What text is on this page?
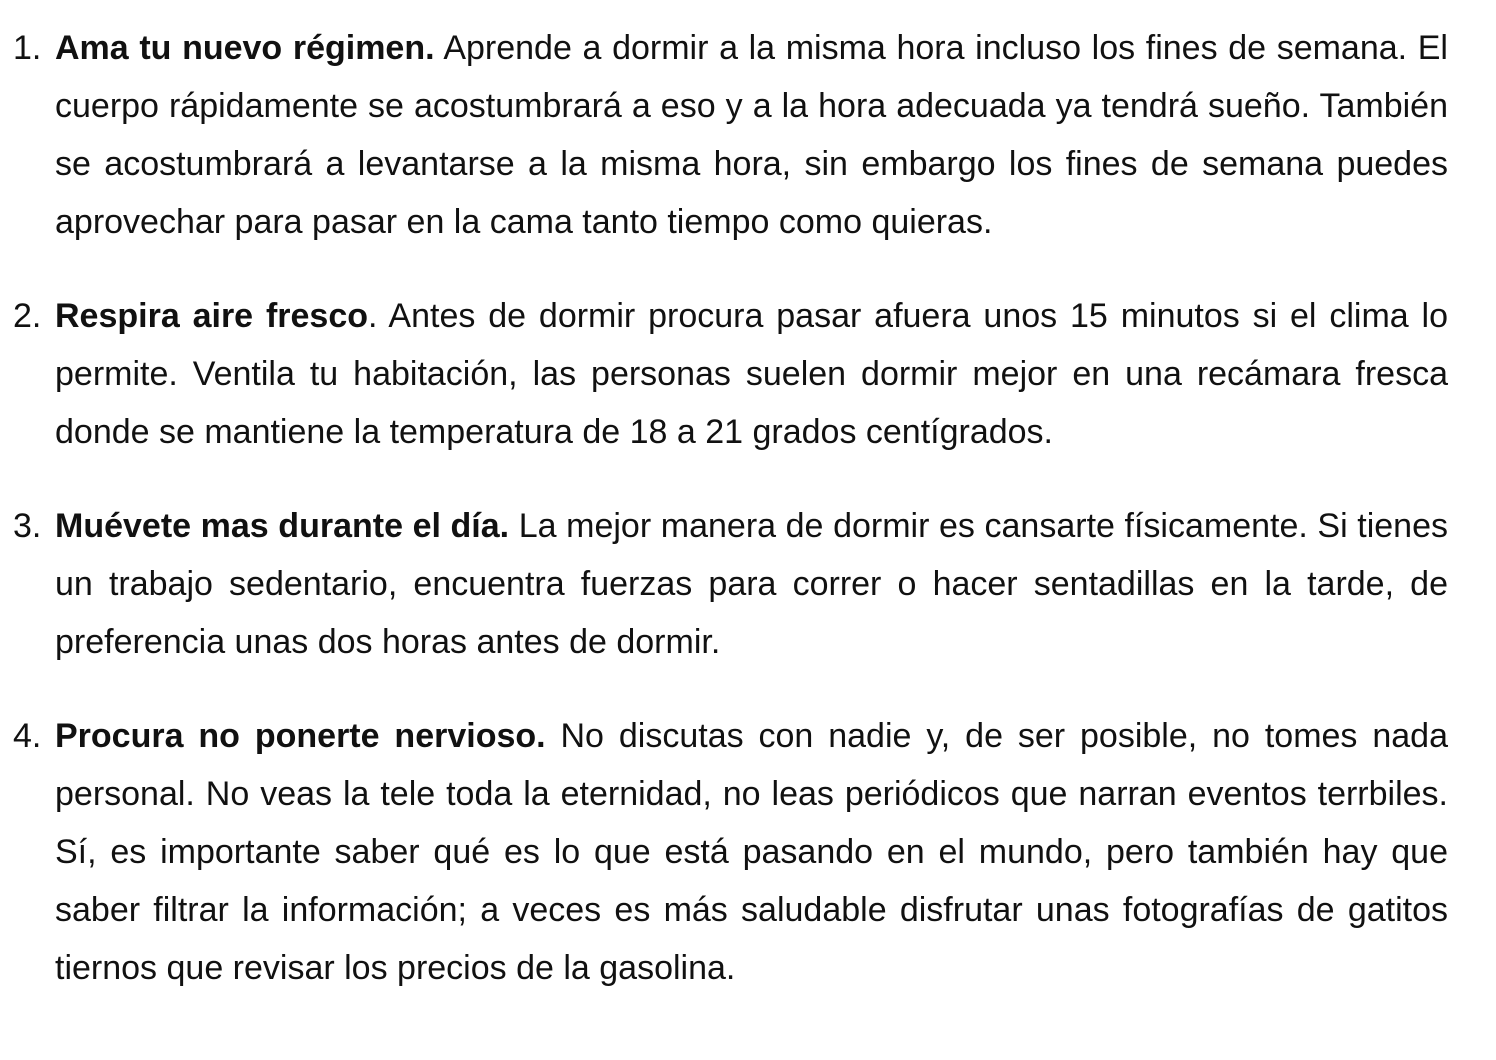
1. Ama tu nuevo régimen. Aprende a dormir a la misma hora incluso los fines de semana. El cuerpo rápidamente se acostumbrará a eso y a la hora adecuada ya tendrá sueño. También se acostumbrará a levantarse a la misma hora, sin embargo los fines de semana puedes aprovechar para pasar en la cama tanto tiempo como quieras.
2. Respira aire fresco. Antes de dormir procura pasar afuera unos 15 minutos si el clima lo permite. Ventila tu habitación, las personas suelen dormir mejor en una recámara fresca donde se mantiene la temperatura de 18 a 21 grados centígrados.
3. Muévete mas durante el día. La mejor manera de dormir es cansarte físicamente. Si tienes un trabajo sedentario, encuentra fuerzas para correr o hacer sentadillas en la tarde, de preferencia unas dos horas antes de dormir.
4. Procura no ponerte nervioso. No discutas con nadie y, de ser posible, no tomes nada personal. No veas la tele toda la eternidad, no leas periódicos que narran eventos terrbiles. Sí, es importante saber qué es lo que está pasando en el mundo, pero también hay que saber filtrar la información; a veces es más saludable disfrutar unas fotografías de gatitos tiernos que revisar los precios de la gasolina.
